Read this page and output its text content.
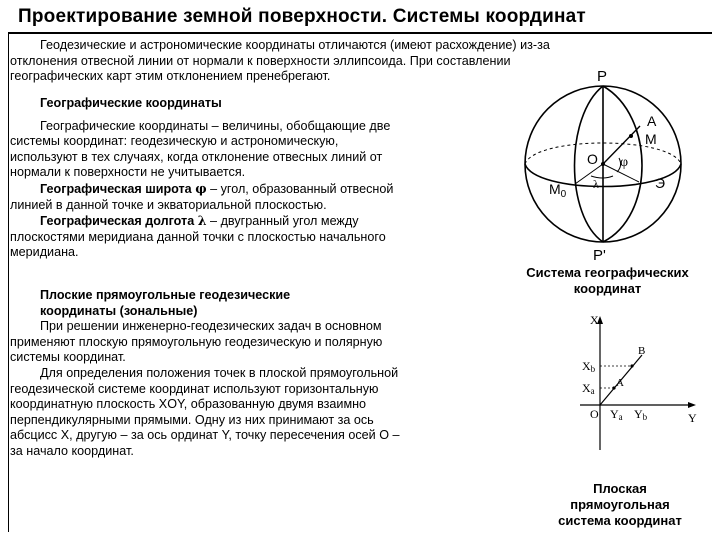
Проектирование земной поверхности. Системы координат

Геодезические и астрономические координаты отличаются (имеют расхождение) из-за

отклонения отвесной линии от нормали к поверхности эллипсоида. При составлении

географических карт этим отклонением пренебрегают.

Географические координаты

Географические координаты – величины, обобщающие две

системы координат: геодезическую и астрономическую,

используют в тех случаях, когда отклонение отвесных линий от

нормали к поверхности не учитывается.

Географическая широта φ – угол, образованный отвесной

линией в данной точке и экваториальной плоскостью.

Географическая долгота λ – двугранный угол между

плоскостями меридиана данной точки с плоскостью начального

меридиана.

Плоские прямоугольные геодезические

координаты (зональные)

При решении инженерно-геодезических задач в основном

применяют плоскую прямоугольную геодезическую и полярную

системы координат.

Для определения положения точек в плоской прямоугольной

геодезической системе координат используют горизонтальную

координатную плоскость XOY, образованную двумя взаимно

перпендикулярными прямыми. Одну из них принимают за ось

абсцисс X, другую – за ось ординат Y, точку пересечения осей O –

за начало координат.

P
P'
A
M
O φ
λ
$M_0$
Э
Система географических
координат
X
Y
O
Xb
Xa
Ya Yb
A
B
Плоская
прямоугольная
система координат
